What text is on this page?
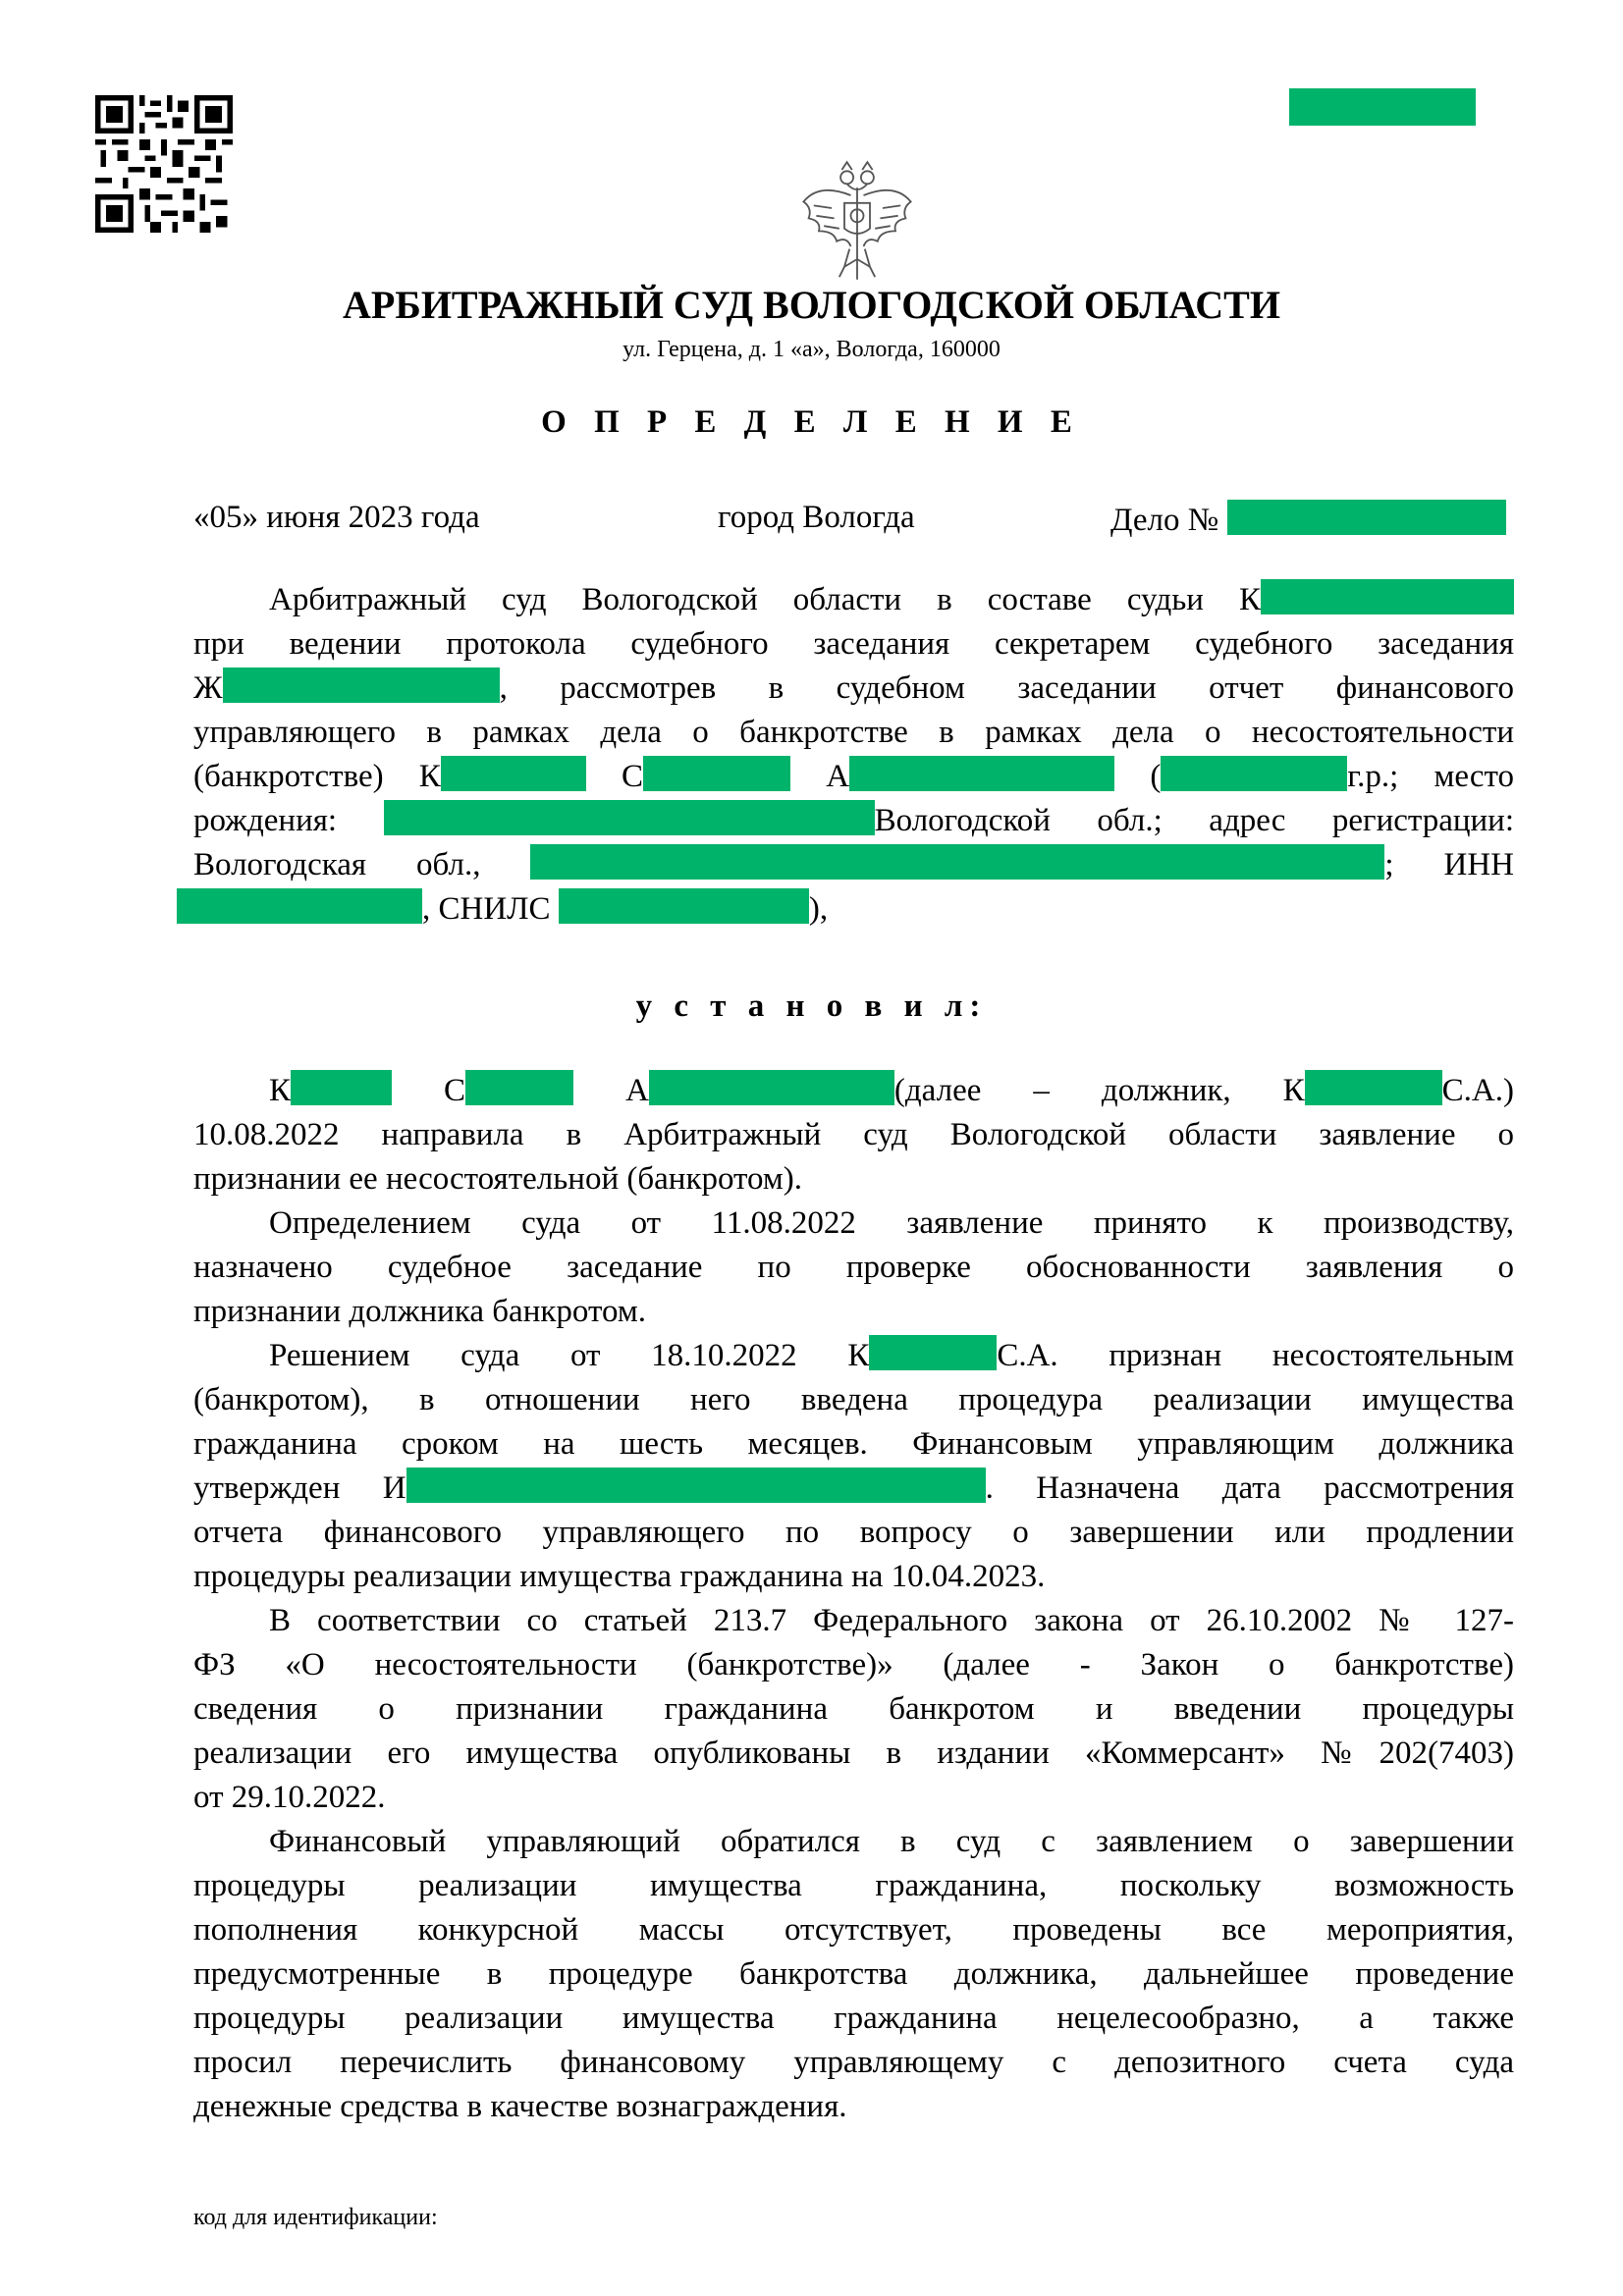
АРБИТРАЖНЫЙ СУД ВОЛОГОДСКОЙ ОБЛАСТИ
ул. Герцена, д. 1 «а», Вологда, 160000
О П Р Е Д Е Л Е Н И Е
«05» июня 2023 года	город Вологда	Дело №
Арбитражный суд Вологодской области в составе судьи К
при ведении протокола судебного заседания секретарем судебного заседания
Ж	, рассмотрев в судебном заседании отчет финансового
управляющего в рамках дела о банкротстве в рамках дела о несостоятельности
(банкротстве) К	С	А	(	г.р.; место
рождения:	Вологодской обл.; адрес регистрации:
Вологодская обл.,	; ИНН
, СНИЛС	),
у с т а н о в и л:
К	С	А	(далее – должник, К	С.А.)
10.08.2022 направила в Арбитражный суд Вологодской области заявление о
признании ее несостоятельной (банкротом).
Определением суда от 11.08.2022 заявление принято к производству,
назначено судебное заседание по проверке обоснованности заявления о
признании должника банкротом.
Решением суда от 18.10.2022 К	С.А. признан несостоятельным
(банкротом), в отношении него введена процедура реализации имущества
гражданина сроком на шесть месяцев. Финансовым управляющим должника
утвержден И	. Назначена дата рассмотрения
отчета финансового управляющего по вопросу о завершении или продлении
процедуры реализации имущества гражданина на 10.04.2023.
В соответствии со статьей 213.7 Федерального закона от 26.10.2002 № 127-
ФЗ «О несостоятельности (банкротстве)» (далее - Закон о банкротстве)
сведения о признании гражданина банкротом и введении процедуры
реализации его имущества опубликованы в издании «Коммерсант» №202(7403)
от 29.10.2022.
Финансовый управляющий обратился в суд с заявлением о завершении
процедуры реализации имущества гражданина, поскольку возможность
пополнения конкурсной массы отсутствует, проведены все мероприятия,
предусмотренные в процедуре банкротства должника, дальнейшее проведение
процедуры реализации имущества гражданина нецелесообразно, а также
просил перечислить финансовому управляющему с депозитного счета суда
денежные средства в качестве вознаграждения.
код для идентификации:
